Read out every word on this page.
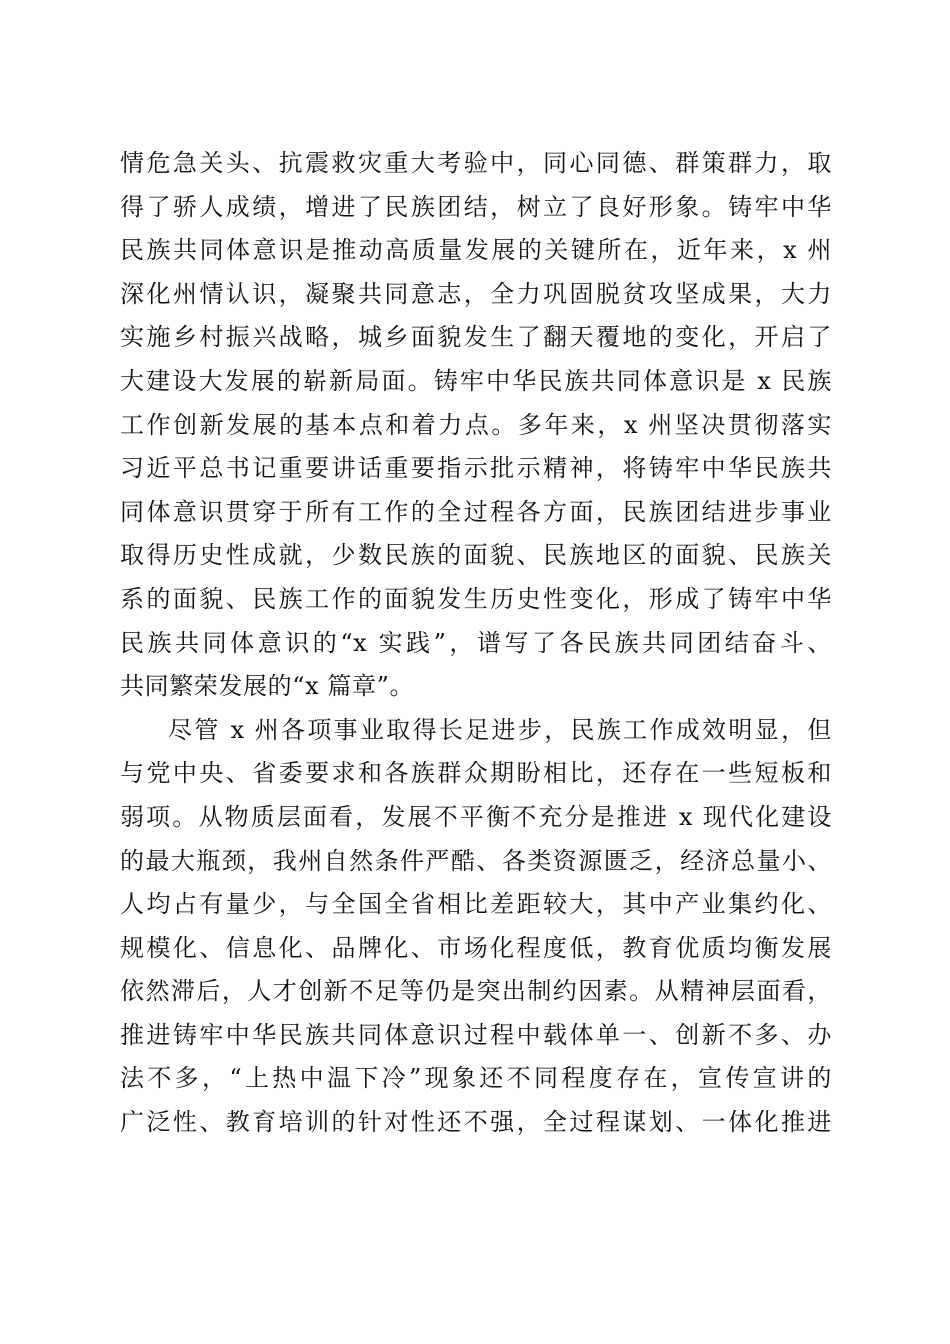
情危急关头、抗震救灾重大考验中，同心同德、群策群力，取
得了骄人成绩，增进了民族团结，树立了良好形象。铸牢中华
民族共同体意识是推动高质量发展的关键所在，近年来，x 州
深化州情认识，凝聚共同意志，全力巩固脱贫攻坚成果，大力
实施乡村振兴战略，城乡面貌发生了翻天覆地的变化，开启了
大建设大发展的崭新局面。铸牢中华民族共同体意识是 x 民族
工作创新发展的基本点和着力点。多年来，x 州坚决贯彻落实
习近平总书记重要讲话重要指示批示精神，将铸牢中华民族共
同体意识贯穿于所有工作的全过程各方面，民族团结进步事业
取得历史性成就，少数民族的面貌、民族地区的面貌、民族关
系的面貌、民族工作的面貌发生历史性变化，形成了铸牢中华
民族共同体意识的“x 实践”，谱写了各民族共同团结奋斗、
共同繁荣发展的“x 篇章”。
尽管 x 州各项事业取得长足进步，民族工作成效明显，但
与党中央、省委要求和各族群众期盼相比，还存在一些短板和
弱项。从物质层面看，发展不平衡不充分是推进 x 现代化建设
的最大瓶颈，我州自然条件严酷、各类资源匮乏，经济总量小、
人均占有量少，与全国全省相比差距较大，其中产业集约化、
规模化、信息化、品牌化、市场化程度低，教育优质均衡发展
依然滞后，人才创新不足等仍是突出制约因素。从精神层面看，
推进铸牢中华民族共同体意识过程中载体单一、创新不多、办
法不多，“上热中温下冷”现象还不同程度存在，宣传宣讲的
广泛性、教育培训的针对性还不强，全过程谋划、一体化推进
